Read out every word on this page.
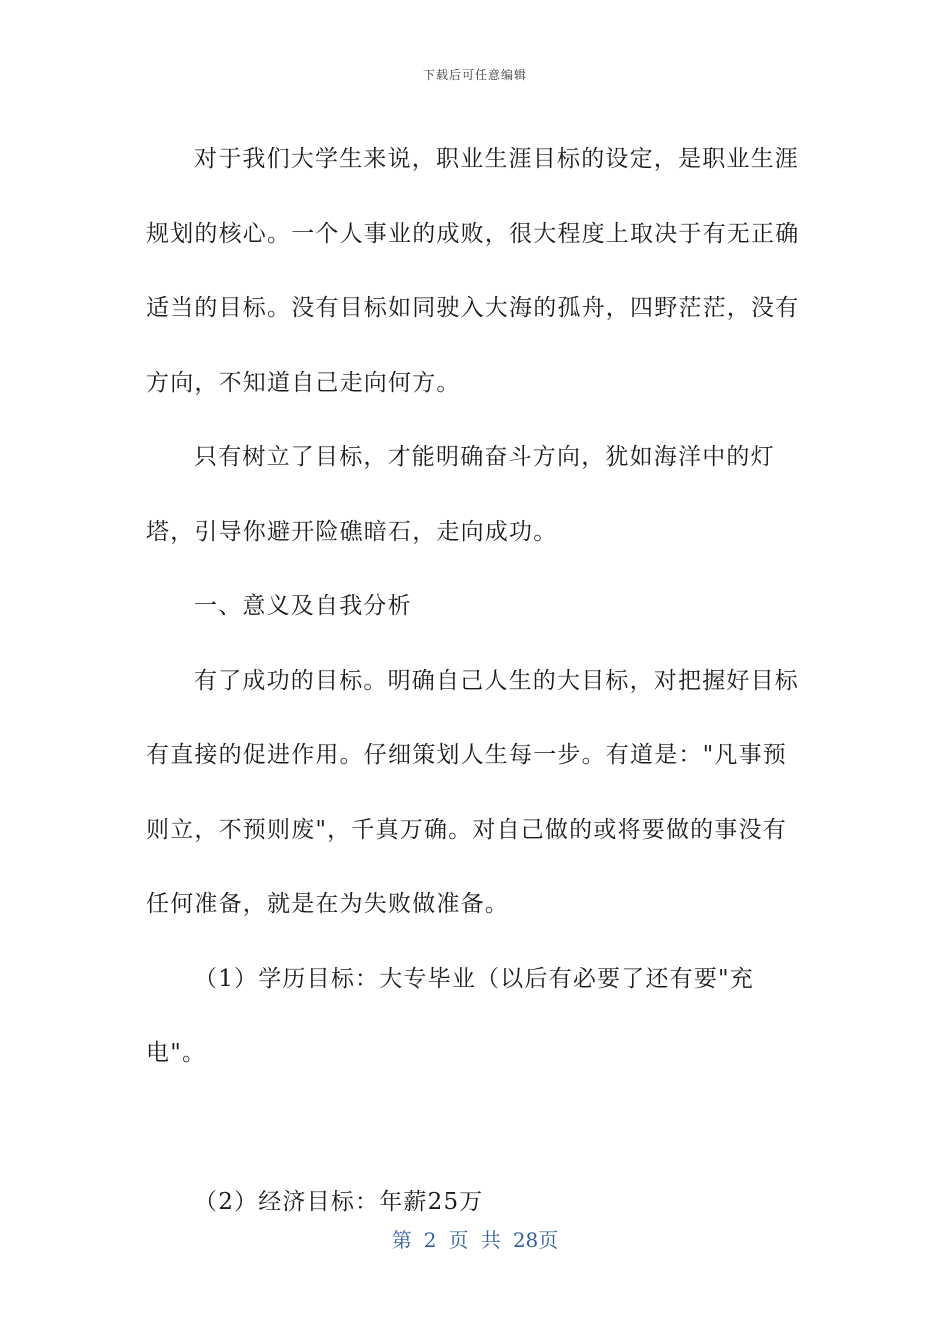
下载后可任意编辑

对于我们大学生来说，职业生涯目标的设定，是职业生涯规划的核心。一个人事业的成败，很大程度上取决于有无正确适当的目标。没有目标如同驶入大海的孤舟，四野茫茫，没有方向，不知道自己走向何方。

只有树立了目标，才能明确奋斗方向，犹如海洋中的灯塔，引导你避开险礁暗石，走向成功。

一、意义及自我分析

有了成功的目标。明确自己人生的大目标，对把握好目标有直接的促进作用。仔细策划人生每一步。有道是："凡事预则立，不预则废"，千真万确。对自己做的或将要做的事没有任何准备，就是在为失败做准备。

（1）学历目标：大专毕业（以后有必要了还有要"充电"。

（2）经济目标：年薪25万

第 2 页 共 28页
